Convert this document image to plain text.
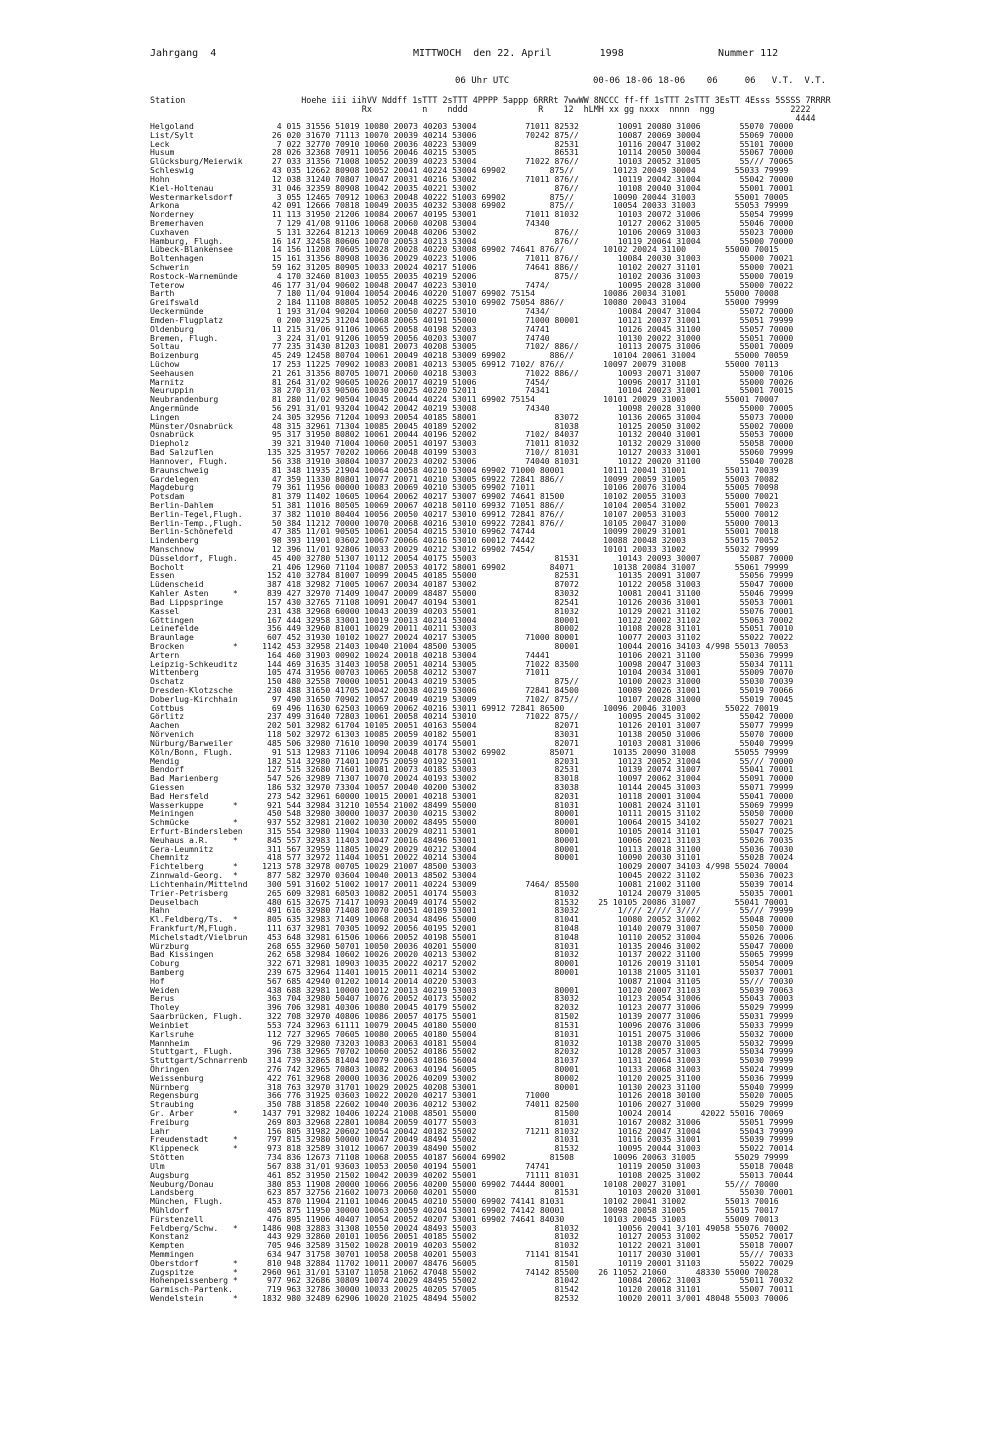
Jahrgang  4	MITTWOCH  den 22. April        1998	Nummer 112
06 Uhr UTC	00-06 18-06 18-06    06     06   V.T.  V.T.
Station                       Hoehe iii iihVV Nddff 1sTTT 2sTTT 4PPPP 5appp 6RRRt 7wwWW 8NCCC ff-ff 1sTTT 2sTTT 3EsTT 4Esss 5SSSS 7RRRR
Rx          n    nddd              R    12  hLMH xx gg nxxx  nnnn  ngg               2222
4444
Helgoland                 4 015 31556 51019 10080 20073 40203 53004          71011 82532        10091 20080 31006        55070 70000
List/Sylt                26 020 31670 71113 10070 20039 40214 53006          70242 875//        10087 20069 30004        55069 70000
Leck                      7 022 32770 70910 10060 20036 40223 53009                82531        10116 20047 31002        55101 70000
Husum                    28 026 32368 70911 10056 20046 40215 53005                86531        10114 20050 30004        55067 70000
Glücksburg/Meierwik      27 033 31356 71008 10052 20039 40223 53004          71022 876//        10103 20052 31005        55/// 70065
Schleswig                43 035 12662 80908 10052 20041 40224 53004 69902         875//        10123 20049 30004        55033 79999
Hohn                     12 038 31240 70807 10047 20031 40216 53002          71011 876//        10119 20042 31004        55042 70000
Kiel-Holtenau            31 046 32359 80908 10042 20035 40221 53002                876//        10108 20040 31004        55001 70001
Westermarkelsdorf         3 055 12465 70912 10063 20048 40222 51003 69902         875//        10090 20044 31003        55001 70005
Arkona                   42 091 12666 70818 10049 20035 40232 53008 69902         875//        10054 20033 31003        55053 79999
Norderney                11 113 31950 21206 10084 20067 40195 53001          71011 81032        10103 20072 31006        55054 79999
Bremerhaven               7 129 41/08 91106 10068 20060 40208 53004          74340              10127 20062 31005        55046 70000
Cuxhaven                  5 131 32264 81213 10069 20048 40206 53002                876//        10106 20069 31003        55023 70000
Hamburg, Flugh.          16 147 32458 80606 10070 20053 40213 53004                876//        10119 20064 31004        55000 70000
Lübeck-Blankensee        14 156 11208 70605 10028 20028 40220 53008 69902 74641 876//        10102 20024 31100        55000 70015
Boltenhagen              15 161 31356 80908 10036 20029 40223 51006          71011 876//        10084 20030 31003        55000 70021
Schwerin                 59 162 31205 80905 10033 20024 40217 51006          74641 886//        10102 20027 31101        55000 70021
Rostock-Warnemünde        4 170 32460 81003 10055 20035 40219 52006                875//        10102 20036 31003        55000 70019
Teterow                  46 177 31/04 90602 10048 20047 40223 53010          7474/              10095 20028 31000        55000 70022
Barth                     7 180 11/04 91004 10054 20046 40220 51007 69902 75154              10086 20034 31001        55000 70008
Greifswald                2 184 11108 80805 10052 20048 40225 53010 69902 75054 886//        10080 20043 31004        55000 79999
Ueckermünde               1 193 31/04 90204 10060 20050 40227 53010          7434/              10084 20047 31004        55072 70000
Emden-Flugplatz           0 200 31925 31204 10068 20065 40191 55000          71000 80001        10121 20037 31001        55051 79999
Oldenburg                11 215 31/06 91106 10065 20058 40198 52003          74741              10126 20045 31100        55057 70000
Bremen, Flugh.            3 224 31/01 91206 10059 20056 40203 53007          74740              10130 20022 31000        55051 70000
Soltau                   77 235 31430 81203 10081 20073 40208 53005          7102/ 886//        10113 20075 31006        55001 70009
Boizenburg               45 249 12458 80704 10061 20049 40218 53009 69902         886//        10104 20061 31004        55000 70059
Lüchow                   17 253 11225 70902 10083 20081 40213 53005 69912 7102/ 876//        10097 20079 31008        55000 70113
Seehausen                21 261 31356 80705 10071 20060 40218 53003          71022 886//        10093 20071 31007        55000 70106
Marnitz                  81 264 31/02 90605 10026 20017 40219 51006          7454/              10096 20017 31101        55000 70026
Neuruppin                38 270 31/03 90506 10030 20025 40220 52011          74341              10104 20023 31001        55001 70015
Neubrandenburg           81 280 11/02 90504 10045 20044 40224 53011 69902 75154              10101 20029 31003        55001 70007
Angermünde               56 291 31/01 93204 10042 20042 40219 53008          74340              10098 20028 31000        55000 70005
Lingen                   24 305 32956 71204 10093 20054 40185 58001                83072        10136 20065 31004        55073 70000
Münster/Osnabrück        48 315 32961 71304 10085 20045 40189 52002                81038        10125 20050 31002        55002 70000
Osnabrück                95 317 31950 80802 10061 20044 40196 52002          7102/ 84037        10132 20040 31001        55053 70000
Diepholz                 39 321 31940 71004 10060 20051 40197 53003          71011 81032        10132 20029 31000        55058 70000
Bad Salzuflen           135 325 31957 70202 10066 20048 40199 53003          710// 81031        10127 20033 31001        55060 79999
Hannover, Flugh.         56 338 31910 30804 10037 20023 40202 53006          74040 81031        10122 20020 31100        55040 70028
Braunschweig             81 348 11935 21904 10064 20058 40210 53004 69902 71000 80001        10111 20041 31001        55011 70039
Gardelegen               47 359 11330 80801 10077 20071 40210 53005 69922 72841 886//        10099 20059 31005        55003 70082
Magdeburg                79 361 11956 00000 10083 20069 40210 53005 69902 71011              10106 20076 31004        55005 70098
Potsdam                  81 379 11402 10605 10064 20062 40217 53007 69902 74641 81500        10102 20055 31003        55000 70021
Berlin-Dahlem            51 381 11016 80505 10069 20067 40218 50110 69932 71051 886//        10104 20054 31002        55001 70023
Berlin-Tegel,Flugh.      37 382 11010 80404 10056 20050 40217 53010 69912 72841 876//        10107 20053 31003        55000 70012
Berlin-Temp.,Flugh.      50 384 11212 70000 10070 20068 40216 53010 69922 72841 876//        10105 20047 31000        55000 70013
Berlin-Schönefeld        47 385 11/01 90505 10061 20054 40215 53010 69962 74744              10099 20029 31001        55001 70018
Lindenberg               98 393 11901 03602 10067 20066 40216 53010 60012 74442              10088 20048 32003        55015 70052
Manschnow                12 396 11/01 92806 10033 20029 40212 53012 69902 7454/              10101 20033 31002        55032 79999
Düsseldorf, Flugh.       45 400 32780 51307 10112 20054 40175 55003                81531        10143 20093 30007        55087 70000
Bocholt                  21 406 12960 71104 10087 20053 40172 58001 69902         84071        10138 20084 31007        55061 79999
Essen                   152 410 32784 81007 10099 20045 40185 55000                82531        10135 20091 31007        55056 79999
Lüdenscheid             387 418 32982 71005 10067 20034 40187 53002                87072        10122 20058 31003        55047 70000
Kahler Asten     *      839 427 32970 71409 10047 20009 48487 55000                83032        10081 20041 31100        55046 79999
Bad Lippspringe         157 430 32765 71108 10091 20047 40194 53001                82541        10126 20036 31001        55053 70001
Kassel                  231 438 32968 60000 10043 20039 40203 55001                81032        10129 20021 31102        55076 70001
Göttingen               167 444 32958 33001 10019 20013 40214 53004                80001        10122 20002 31102        55063 70002
Leinefelde              356 449 32960 81001 10029 20011 40211 53003                80002        10108 20028 31101        55051 70010
Braunlage               607 452 31930 10102 10027 20024 40217 53005          71000 80001        10077 20003 31102        55022 70022
Brocken          *     1142 453 32958 21403 10040 21004 48500 53005                80001        10044 20016 34103 4/998 55013 70053
Artern                  164 460 31903 00902 10024 20018 40218 53004          74441              10106 20021 31100        55036 79999
Leipzig-Schkeuditz      144 469 31635 31403 10058 20051 40214 53005          71022 83500        10098 20047 31003        55034 70111
Wittenberg              105 474 31956 00703 10065 20058 40212 53007          71011              10104 20034 31001        55009 70070
Oschatz                 150 480 32558 70000 10051 20043 40219 53005                875//        10100 20023 31000        55030 70039
Dresden-Klotzsche       230 488 31650 41705 10042 20038 40219 53006          72841 84500        10089 20026 31001        55019 70066
Doberlug-Kirchhain       97 490 31650 70902 10057 20049 40219 53009          7102/ 875//        10107 20028 31000        55019 70045
Cottbus                  69 496 11630 62503 10069 20062 40216 53011 69912 72841 86500        10096 20046 31003        55022 70019
Görlitz                 237 499 31640 72803 10061 20058 40214 53010          71022 875//        10095 20045 31002        55042 70000
Aachen                  202 501 32982 61704 10105 20051 40163 55004                82071        10126 20101 31007        55077 79999
Nörvenich               118 502 32972 61303 10085 20059 40182 55001                83031        10138 20050 31006        55070 70000
Nürburg/Barweiler       485 506 32980 71610 10090 20039 40174 55001                82071        10103 20081 31006        55040 79999
Köln/Bonn, Flugh.        91 513 12983 71106 10094 20048 40178 53002 69902         85071        10135 20090 31008        55055 79999
Mendig                  182 514 32980 71401 10075 20059 40192 55001                82031        10123 20052 31004        55/// 70000
Bendorf                 127 515 32680 71601 10081 20073 40185 53003                82531        10139 20074 31007        55041 70001
Bad Marienberg          547 526 32989 71307 10070 20024 40193 53002                83018        10097 20062 31004        55091 70000
Giessen                 186 532 32970 73304 10057 20040 40200 53002                83038        10144 20045 31003        55071 79999
Bad Hersfeld            273 542 32961 60000 10015 20001 40218 53001                82031        10118 20001 31004        55041 70000
Wasserkuppe      *      921 544 32984 31210 10554 21002 48499 55000                81031        10081 20024 31101        55069 79999
Meiningen               450 548 32980 30000 10037 20030 40215 53002                80001        10111 20015 31102        55050 70000
Schmücke         *      937 552 32981 21002 10030 20002 48495 55000                80001        10064 20015 34102        55027 70021
Erfurt-Bindersleben     315 554 32980 11904 10033 20029 40211 53001                80001        10105 20014 31101        55047 70025
Neuhaus a.R.     *      845 557 32983 11403 10047 20016 48496 53001                80001        10066 20021 31103        55026 70035
Gera-Leumnitz           311 567 32959 11805 10029 20029 40212 53004                80001        10113 20018 31100        55036 70030
Chemnitz                418 577 32972 11404 10051 20022 40214 53004                80001        10090 20030 31101        55028 70024
Fichtelberg      *     1213 578 32978 00705 10029 21007 48500 53003                             10029 20007 34103 4/998 55024 70004
Zinnwald-Georg.  *      877 582 32970 03604 10040 20013 48502 53004                             10045 20022 31102        55036 70023
Lichtenhain/Mittelnd    300 591 31602 51002 10017 20011 40224 53009          7464/ 85500        10081 21002 31100        55039 70014
Trier-Petrisberg        265 609 32981 60503 10082 20051 40174 55003                81032        10124 20079 31005        55035 70001
Deuselbach              480 615 32675 71417 10093 20049 40174 55002                81532    25 10105 20086 31007        55041 70001
Hahn                    491 616 32980 71408 10070 20051 40189 53001                83032        1//// 2//// 3////        55/// 79999
Kl.Feldberg/Ts.  *      805 635 32983 71409 10068 20034 48496 55000                81041        10080 20052 31002        55048 70000
Frankfurt/M,Flugh.      111 637 32981 70305 10092 20056 40195 52001                81048        10140 20079 31007        55050 70000
Michelstadt/Vielbrun    453 648 32981 61506 10066 20052 40198 55001                81048        10110 20052 31004        55026 70006
Würzburg                268 655 32960 50701 10050 20036 40201 55000                81031        10135 20046 31002        55047 70000
Bad Kissingen           262 658 32984 10602 10026 20020 40213 53002                81032        10137 20022 31100        55065 79999
Coburg                  322 671 32981 10903 10035 20022 40217 52002                80001        10126 20019 31101        55054 70009
Bamberg                 239 675 32964 11401 10015 20011 40214 53002                80001        10138 21005 31101        55037 70001
Hof                     567 685 42940 01202 10014 20014 40220 53003                             10087 21004 31105        55/// 70030
Weiden                  438 688 32981 10000 10012 20013 40219 53003                80001        10120 20007 31103        55039 70063
Berus                   363 704 32980 50407 10076 20052 40173 55002                83032        10123 20054 31006        55043 70003
Tholey                  396 706 32981 40306 10080 20045 40179 55002                82032        10123 20077 31006        55029 79999
Saarbrücken, Flugh.     322 708 32970 40806 10086 20057 40175 55001                81502        10139 20077 31006        55031 79999
Weinbiet                553 724 32963 61111 10079 20045 40180 55000                81531        10096 20076 31006        55033 79999
Karlsruhe               112 727 32965 70605 10080 20065 40180 55004                81031        10151 20075 31006        55032 70000
Mannheim                 96 729 32980 73203 10083 20063 40181 55004                81032        10138 20070 31005        55032 79999
Stuttgart, Flugh.       396 738 32965 70702 10060 20052 40186 55002                82032        10128 20057 31003        55034 79999
Stuttgart/Schnarrenb    314 739 32865 81404 10079 20063 40186 56004                81037        10131 20064 31003        55030 79999
Öhringen                276 742 32965 70803 10082 20063 40194 56005                80001        10133 20068 31003        55024 79999
Weissenburg             422 761 32968 20000 10036 20026 40209 53002                80002        10120 20025 31100        55036 79999
Nürnberg                318 763 32970 31701 10029 20025 40208 53001                80001        10130 20023 31100        55040 79999
Regensburg              366 776 31925 03603 10022 20020 40217 53001          71000              10126 20018 30100        55020 70005
Straubing               350 788 31858 22602 10040 20036 40212 53002          74011 82500        10106 20027 31000        55029 79999
Gr. Arber        *     1437 791 32982 10406 10224 21008 48501 55000                81500        10024 20014      42022 55016 70069
Freiburg                269 803 32968 22801 10084 20059 40177 55003                81031        10167 20082 31006        55051 79999
Lahr                    156 805 31982 20602 10054 20042 40182 55002          71211 81032        10162 20047 31004        55043 79999
Freudenstadt     *      797 815 32980 50000 10047 20049 48494 55002                81031        10116 20035 31001        55039 79999
Klippeneck       *      973 818 32589 31012 10067 20039 48490 55002                81532        10095 20044 31003        55022 70014
Stötten                 734 836 12673 71108 10068 20055 40187 56004 69902         81508        10096 20063 31005        55029 79999
Ulm                     567 838 31/01 93603 10053 20050 40194 55001          74741              10119 20050 31003        55018 70048
Augsburg                461 852 31950 21502 10042 20039 40202 55001          71111 81031        10108 20025 31002        55013 70044
Neuburg/Donau           380 853 11908 20000 10066 20056 40200 55000 69902 74444 80001        10108 20027 31001        55/// 70000
Landsberg               623 857 32756 21602 10073 20060 40201 55000                81531        10103 20020 31001        55030 70001
München, Flugh.         453 870 11904 21101 10046 20045 40210 55000 69902 74141 81031        10102 20041 31002        55013 70016
Mühldorf                405 875 11950 30000 10063 20059 40204 53001 69902 74142 80001        10098 20058 31005        55015 70017
Fürstenzell             476 895 11906 40407 10054 20052 40207 53001 69902 74641 84030        10103 20045 31003        55009 70013
Feldberg/Schw.   *     1486 908 32883 31308 10550 20024 48493 55003                81032        10056 20041 3/101 49058 55076 70002
Konstanz                443 929 32860 20101 10056 20051 40185 55002                81032        10127 20053 31002        55052 70017
Kempten                 705 946 32589 31502 10028 20019 40203 55002                81032        10122 20021 31001        55018 70007
Memmingen               634 947 31758 30701 10058 20058 40201 55003          71141 81541        10117 20030 31001        55/// 70033
Oberstdorf       *      810 948 32884 11702 10011 20007 48476 56005                81501        10119 20001 31103        55022 70029
Zugspitze        *     2960 961 31/01 53107 11058 21062 47048 55002          74142 85500    26 11052 21060      48330 55000 70028
Hohenpeissenberg *      977 962 32686 30809 10074 20029 48495 55002                81042        10084 20062 31003        55011 70032
Garmisch-Partenk.       719 963 32786 30000 10033 20025 40205 57005                81542        10120 20018 31101        55007 70011
Wendelstein      *     1832 980 32489 62906 10020 21025 48494 55002                82532        10020 20011 3/001 48048 55003 70006
